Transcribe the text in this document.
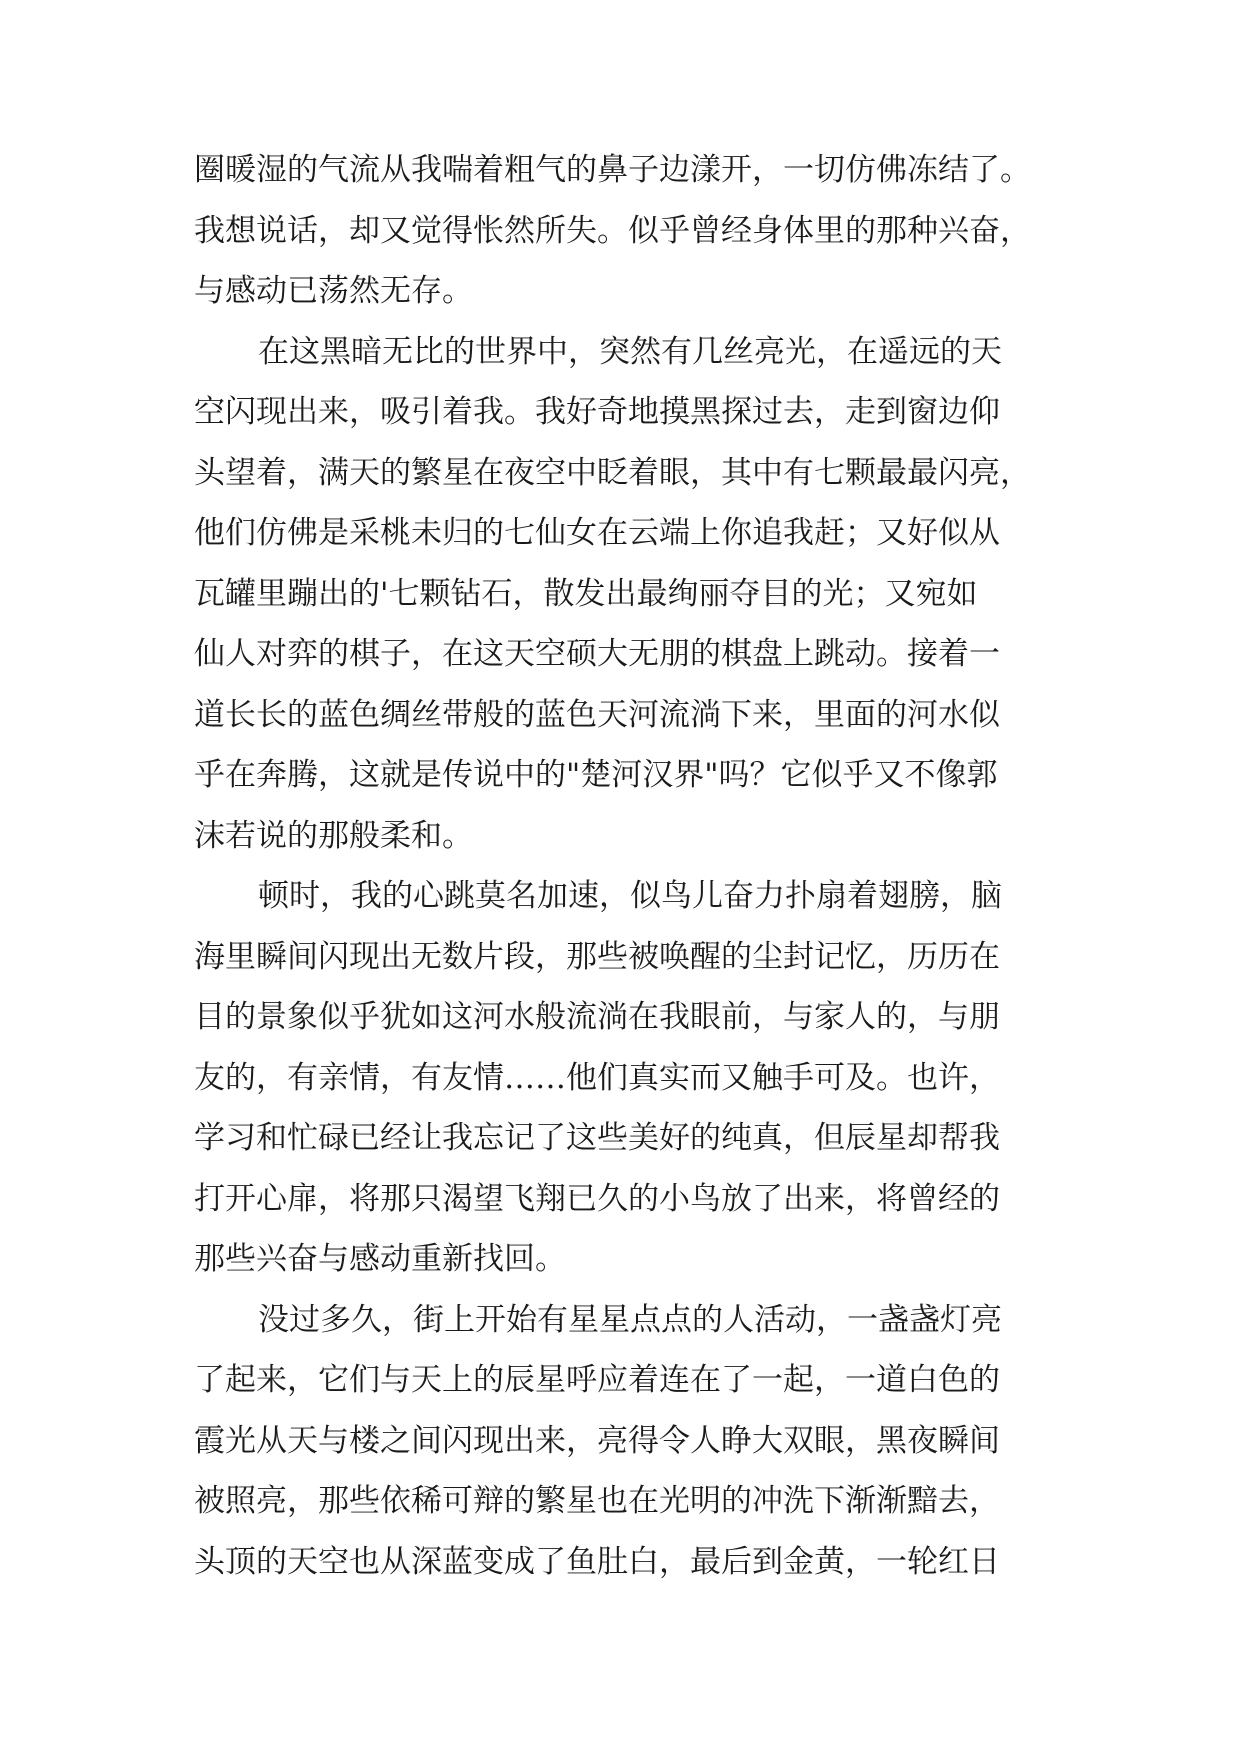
圈暖湿的气流从我喘着粗气的鼻子边漾开，一切仿佛冻结了。
我想说话，却又觉得怅然所失。似乎曾经身体里的那种兴奋，
与感动已荡然无存。
在这黑暗无比的世界中，突然有几丝亮光，在遥远的天
空闪现出来，吸引着我。我好奇地摸黑探过去，走到窗边仰
头望着，满天的繁星在夜空中眨着眼，其中有七颗最最闪亮，
他们仿佛是采桃未归的七仙女在云端上你追我赶；又好似从
瓦罐里蹦出的'七颗钻石，散发出最绚丽夺目的光；又宛如
仙人对弈的棋子，在这天空硕大无朋的棋盘上跳动。接着一
道长长的蓝色绸丝带般的蓝色天河流淌下来，里面的河水似
乎在奔腾，这就是传说中的"楚河汉界"吗？它似乎又不像郭
沫若说的那般柔和。
顿时，我的心跳莫名加速，似鸟儿奋力扑扇着翅膀，脑
海里瞬间闪现出无数片段，那些被唤醒的尘封记忆，历历在
目的景象似乎犹如这河水般流淌在我眼前，与家人的，与朋
友的，有亲情，有友情……他们真实而又触手可及。也许，
学习和忙碌已经让我忘记了这些美好的纯真，但辰星却帮我
打开心扉，将那只渴望飞翔已久的小鸟放了出来，将曾经的
那些兴奋与感动重新找回。
没过多久，街上开始有星星点点的人活动，一盏盏灯亮
了起来，它们与天上的辰星呼应着连在了一起，一道白色的
霞光从天与楼之间闪现出来，亮得令人睁大双眼，黑夜瞬间
被照亮，那些依稀可辩的繁星也在光明的冲洗下渐渐黯去，
头顶的天空也从深蓝变成了鱼肚白，最后到金黄，一轮红日
